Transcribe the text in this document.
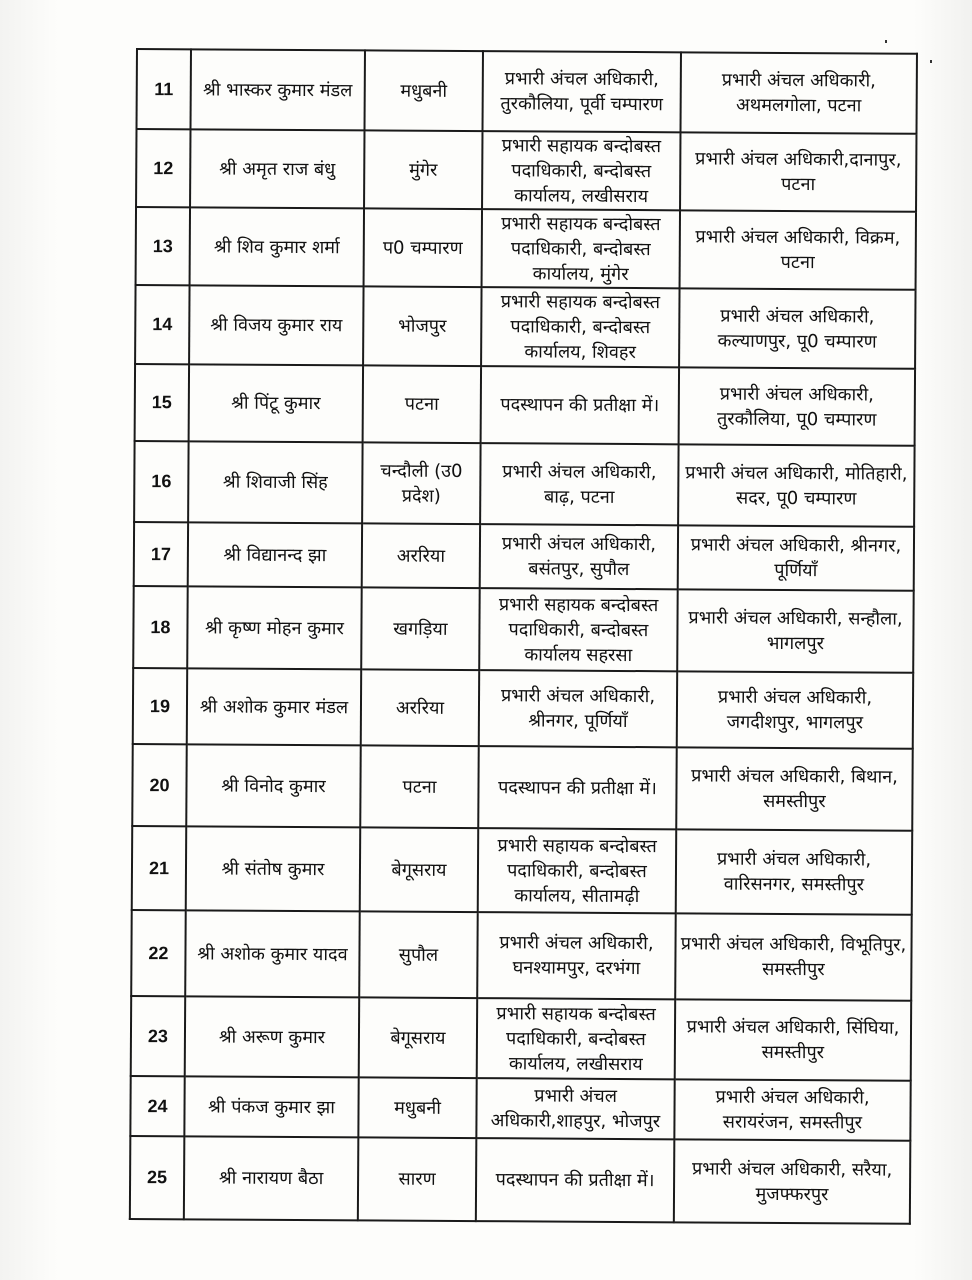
11	श्री भास्कर कुमार मंडल	मधुबनी	प्रभारी अंचल अधिकारी, तुरकौलिया, पूर्वी चम्पारण	प्रभारी अंचल अधिकारी, अथमलगोला, पटना
12	श्री अमृत राज बंधु	मुंगेर	प्रभारी सहायक बन्दोबस्त पदाधिकारी, बन्दोबस्त कार्यालय, लखीसराय	प्रभारी अंचल अधिकारी,दानापुर, पटना
13	श्री शिव कुमार शर्मा	प0 चम्पारण	प्रभारी सहायक बन्दोबस्त पदाधिकारी, बन्दोबस्त कार्यालय, मुंगेर	प्रभारी अंचल अधिकारी, विक्रम, पटना
14	श्री विजय कुमार राय	भोजपुर	प्रभारी सहायक बन्दोबस्त पदाधिकारी, बन्दोबस्त कार्यालय, शिवहर	प्रभारी अंचल अधिकारी, कल्याणपुर, पू0 चम्पारण
15	श्री पिंटू कुमार	पटना	पदस्थापन की प्रतीक्षा में।	प्रभारी अंचल अधिकारी, तुरकौलिया, पू0 चम्पारण
16	श्री शिवाजी सिंह	चन्दौली (उ0 प्रदेश)	प्रभारी अंचल अधिकारी, बाढ़, पटना	प्रभारी अंचल अधिकारी, मोतिहारी, सदर, पू0 चम्पारण
17	श्री विद्यानन्द झा	अररिया	प्रभारी अंचल अधिकारी, बसंतपुर, सुपौल	प्रभारी अंचल अधिकारी, श्रीनगर, पूर्णियाँ
18	श्री कृष्ण मोहन कुमार	खगड़िया	प्रभारी सहायक बन्दोबस्त पदाधिकारी, बन्दोबस्त कार्यालय सहरसा	प्रभारी अंचल अधिकारी, सन्हौला, भागलपुर
19	श्री अशोक कुमार मंडल	अररिया	प्रभारी अंचल अधिकारी, श्रीनगर, पूर्णियाँ	प्रभारी अंचल अधिकारी, जगदीशपुर, भागलपुर
20	श्री विनोद कुमार	पटना	पदस्थापन की प्रतीक्षा में।	प्रभारी अंचल अधिकारी, बिथान, समस्तीपुर
21	श्री संतोष कुमार	बेगूसराय	प्रभारी सहायक बन्दोबस्त पदाधिकारी, बन्दोबस्त कार्यालय, सीतामढ़ी	प्रभारी अंचल अधिकारी, वारिसनगर, समस्तीपुर
22	श्री अशोक कुमार यादव	सुपौल	प्रभारी अंचल अधिकारी, घनश्यामपुर, दरभंगा	प्रभारी अंचल अधिकारी, विभूतिपुर, समस्तीपुर
23	श्री अरूण कुमार	बेगूसराय	प्रभारी सहायक बन्दोबस्त पदाधिकारी, बन्दोबस्त कार्यालय, लखीसराय	प्रभारी अंचल अधिकारी, सिंघिया, समस्तीपुर
24	श्री पंकज कुमार झा	मधुबनी	प्रभारी अंचल अधिकारी,शाहपुर, भोजपुर	प्रभारी अंचल अधिकारी, सरायरंजन, समस्तीपुर
25	श्री नारायण बैठा	सारण	पदस्थापन की प्रतीक्षा में।	प्रभारी अंचल अधिकारी, सरैया, मुजफ्फरपुर
